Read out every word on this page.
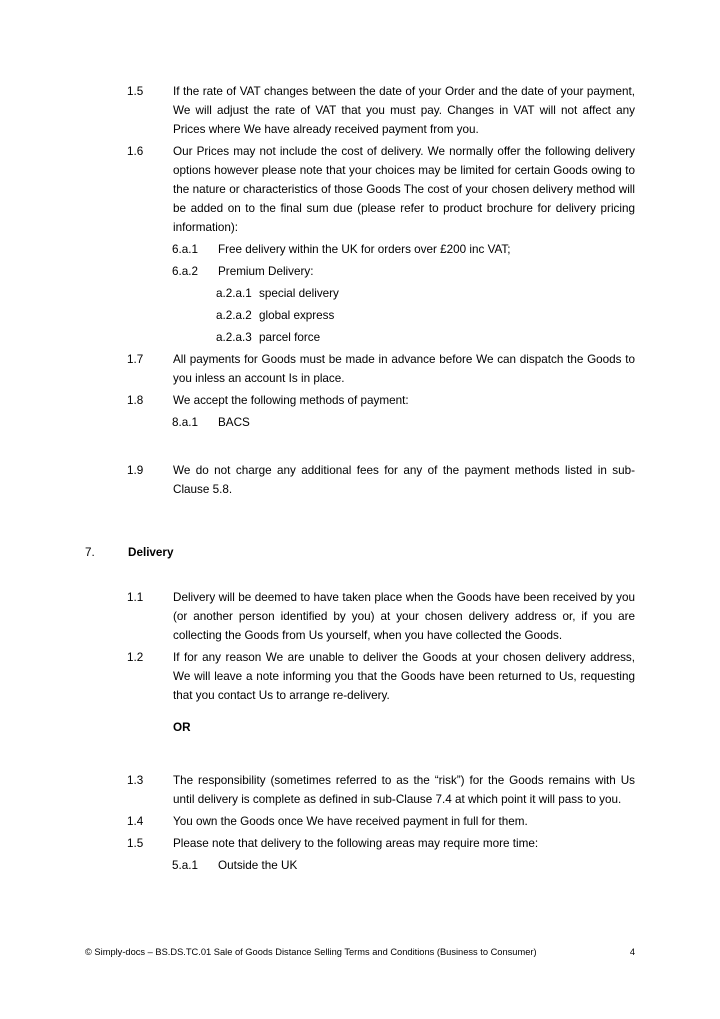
1.5	If the rate of VAT changes between the date of your Order and the date of your payment, We will adjust the rate of VAT that you must pay. Changes in VAT will not affect any Prices where We have already received payment from you.
1.6	Our Prices may not include the cost of delivery. We normally offer the following delivery options however please note that your choices may be limited for certain Goods owing to the nature or characteristics of those Goods The cost of your chosen delivery method will be added on to the final sum due (please refer to product brochure for delivery pricing information):
6.a.1	Free delivery within the UK for orders over £200 inc VAT;
6.a.2	Premium Delivery:
a.2.a.1 special delivery
a.2.a.2 global express
a.2.a.3 parcel force
1.7	All payments for Goods must be made in advance before We can dispatch the Goods to you inless an account Is in place.
1.8	We accept the following methods of payment:
8.a.1	BACS
1.9	We do not charge any additional fees for any of the payment methods listed in sub-Clause 5.8.
7.	Delivery
1.1	Delivery will be deemed to have taken place when the Goods have been received by you (or another person identified by you) at your chosen delivery address or, if you are collecting the Goods from Us yourself, when you have collected the Goods.
1.2	If for any reason We are unable to deliver the Goods at your chosen delivery address, We will leave a note informing you that the Goods have been returned to Us, requesting that you contact Us to arrange re-delivery.
OR
1.3	The responsibility (sometimes referred to as the “risk”) for the Goods remains with Us until delivery is complete as defined in sub-Clause 7.4 at which point it will pass to you.
1.4	You own the Goods once We have received payment in full for them.
1.5	Please note that delivery to the following areas may require more time:
5.a.1	Outside the UK
© Simply-docs – BS.DS.TC.01 Sale of Goods Distance Selling Terms and Conditions (Business to Consumer)	4
